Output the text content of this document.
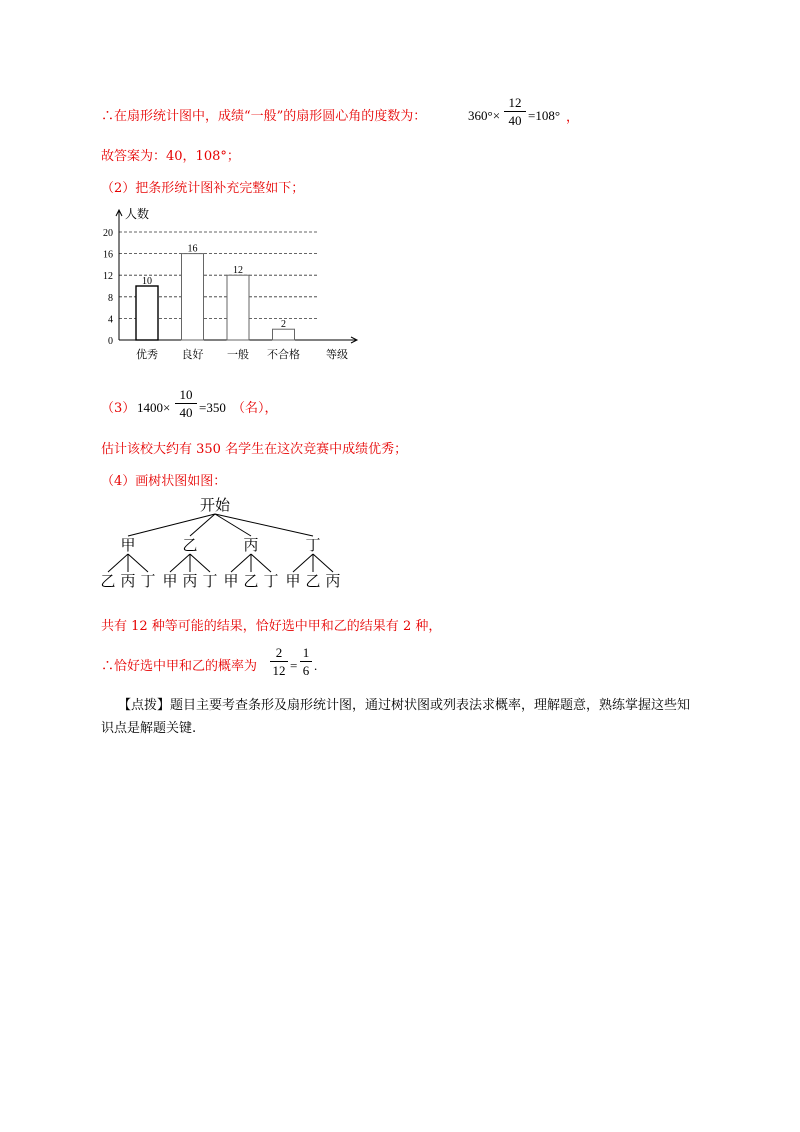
∴在扇形统计图中，成绩“一般”的扇形圆心角的度数为：	360°×
12
40 =108° ，
故答案为：40，108°；
（2）把条形统计图补充完整如下；
0
4
8
12
16
20
人数
等级
10
优秀
16
良好
12
一般
2
不合格
（3） 1400×
10
40 =350 （名），
估计该校大约有 350 名学生在这次竞赛中成绩优秀；
（4）画树状图如图：
开始
甲
乙 丙 丁
乙
甲 丙 丁
丙
甲 乙 丁
丁
甲 乙 丙
共有 12 种等可能的结果，恰好选中甲和乙的结果有 2 种，
∴恰好选中甲和乙的概率为
2
12 =
1
6 .
【点拨】题目主要考查条形及扇形统计图，通过树状图或列表法求概率，理解题意，熟练掌握这些知
识点是解题关键.
